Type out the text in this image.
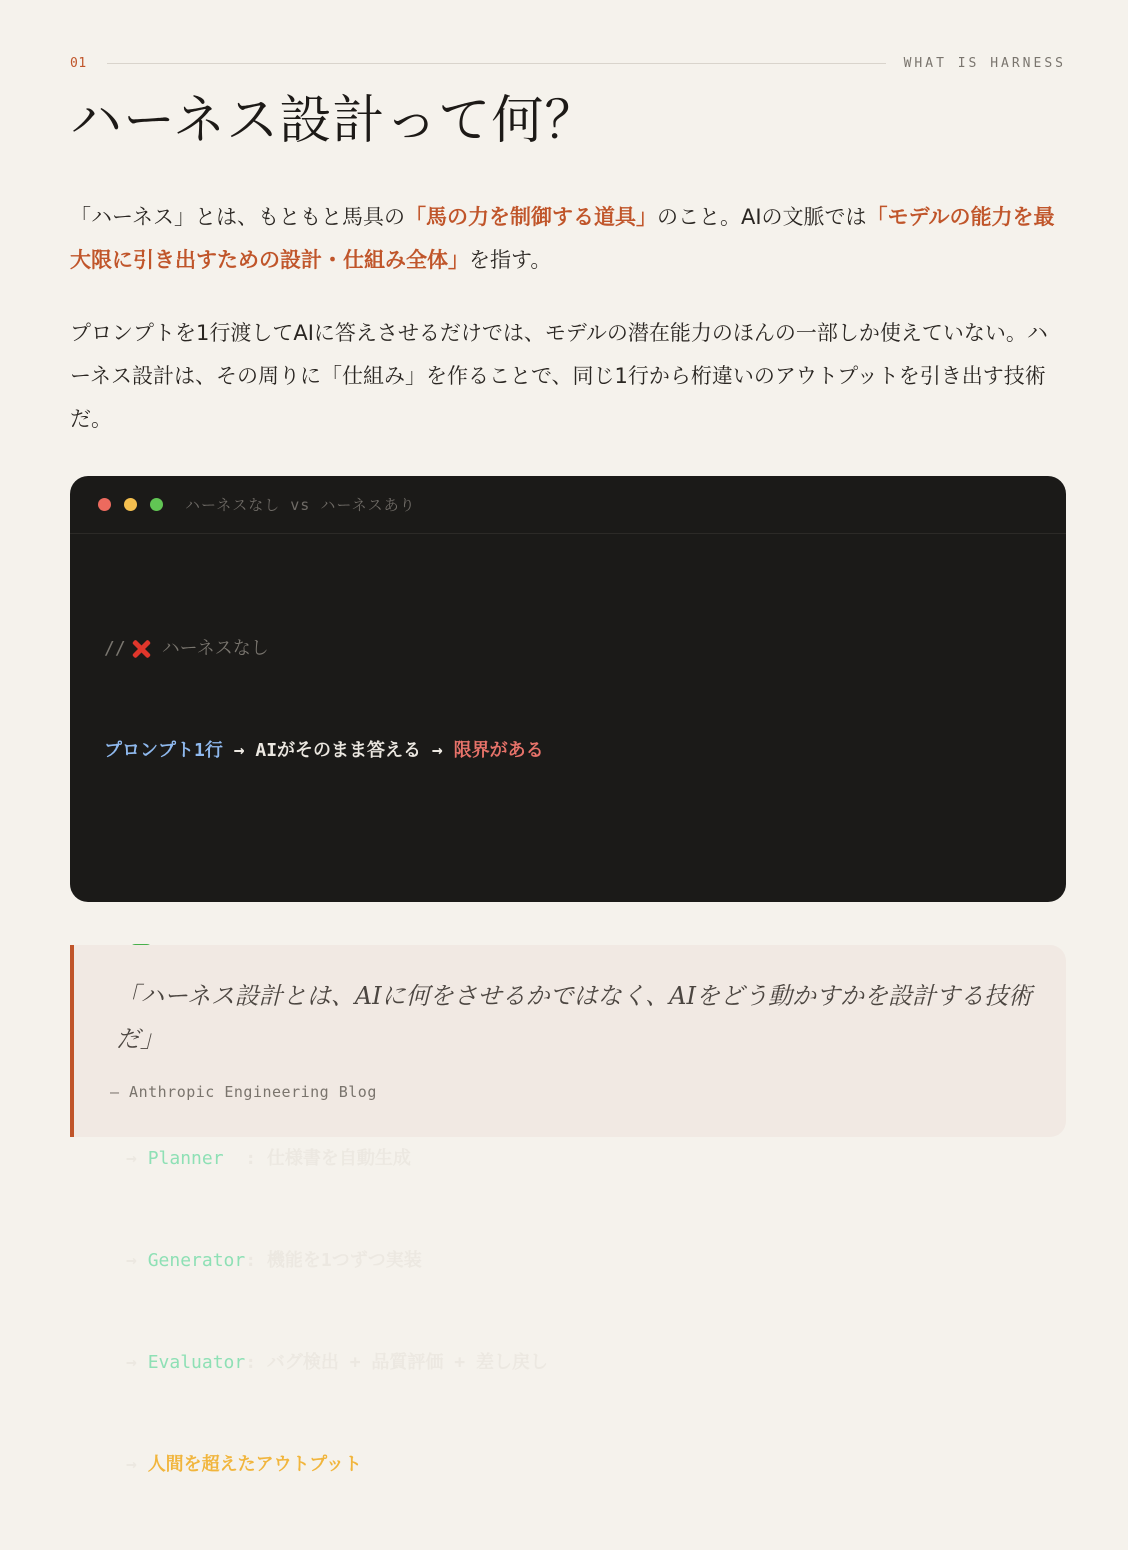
01	WHAT IS HARNESS
ハーネス設計って何？

「ハーネス」とは、もともと馬具の「馬の力を制御する道具」のこと。AIの文脈では「モデルの能力を最大限に引き出すための設計・仕組み全体」を指す。

プロンプトを1行渡してAIに答えさせるだけでは、モデルの潜在能力のほんの一部しか使えていない。ハーネス設計は、その周りに「仕組み」を作ることで、同じ1行から桁違いのアウトプットを引き出す技術だ。

ハーネスなし vs ハーネスあり

// ハーネスなし

プロンプト1行
→
AIがそのまま答える
→
限界がある

→
Planner : 仕様書を自動生成

→
Generator : 機能を1つずつ実装

→
Evaluator : バグ検出 + 品質評価 + 差し戻し

→
人間を超えたアウトプット

「ハーネス設計とは、AIに何をさせるかではなく、AIをどう動かすかを設計する技術だ」

— Anthropic Engineering Blog
